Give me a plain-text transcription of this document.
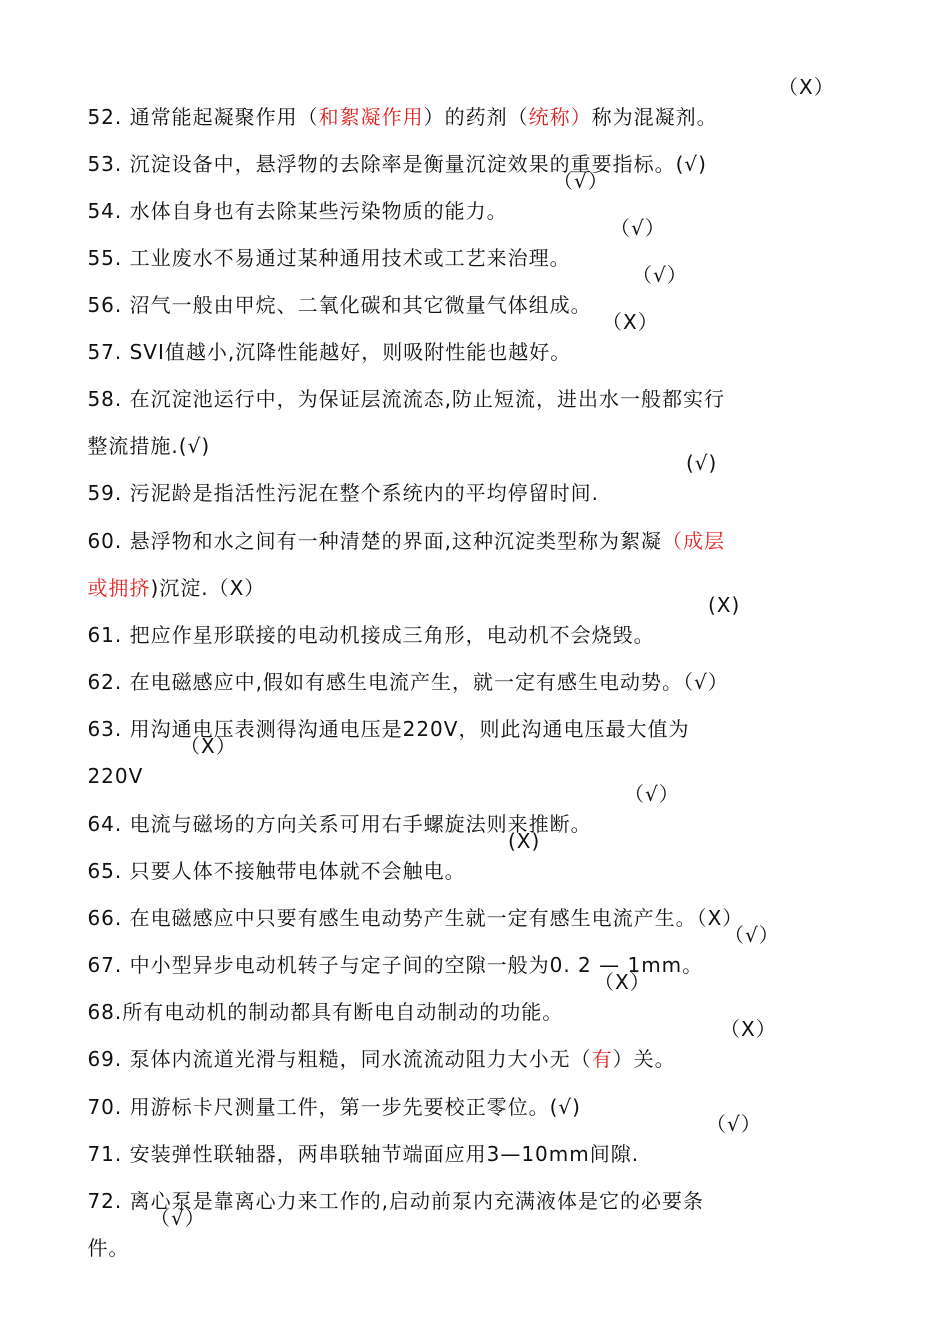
52. 通常能起凝聚作用（和絮凝作用）的药剂（统称）称为混凝剂。

（X）

53. 沉淀设备中，悬浮物的去除率是衡量沉淀效果的重要指标。(√)

54. 水体自身也有去除某些污染物质的能力。

（√）

55. 工业废水不易通过某种通用技术或工艺来治理。

（√）

56. 沼气一般由甲烷、二氧化碳和其它微量气体组成。

（√）

57. SVI值越小,沉降性能越好，则吸附性能也越好。

（X）

58. 在沉淀池运行中，为保证层流流态,防止短流，进出水一般都实行

整流措施.(√)

59. 污泥龄是指活性污泥在整个系统内的平均停留时间.

(√)

60. 悬浮物和水之间有一种清楚的界面,这种沉淀类型称为絮凝（成层

或拥挤)沉淀.（X）

61. 把应作星形联接的电动机接成三角形，电动机不会烧毁。

(X)

62. 在电磁感应中,假如有感生电流产生，就一定有感生电动势。（√）

63. 用沟通电压表测得沟通电压是220V，则此沟通电压最大值为

220V

（X）

64. 电流与磁场的方向关系可用右手螺旋法则来推断。

（√）

65. 只要人体不接触带电体就不会触电。

(X)

66. 在电磁感应中只要有感生电动势产生就一定有感生电流产生。（X）

67. 中小型异步电动机转子与定子间的空隙一般为0. 2 — 1mm。

（√）

68.所有电动机的制动都具有断电自动制动的功能。

（X）

69. 泵体内流道光滑与粗糙，同水流流动阻力大小无（有）关。

（X）

70. 用游标卡尺测量工件，第一步先要校正零位。(√)

71. 安装弹性联轴器，两串联轴节端面应用3—10mm间隙.

（√）

72. 离心泵是靠离心力来工作的,启动前泵内充满液体是它的必要条

件。

（√）
